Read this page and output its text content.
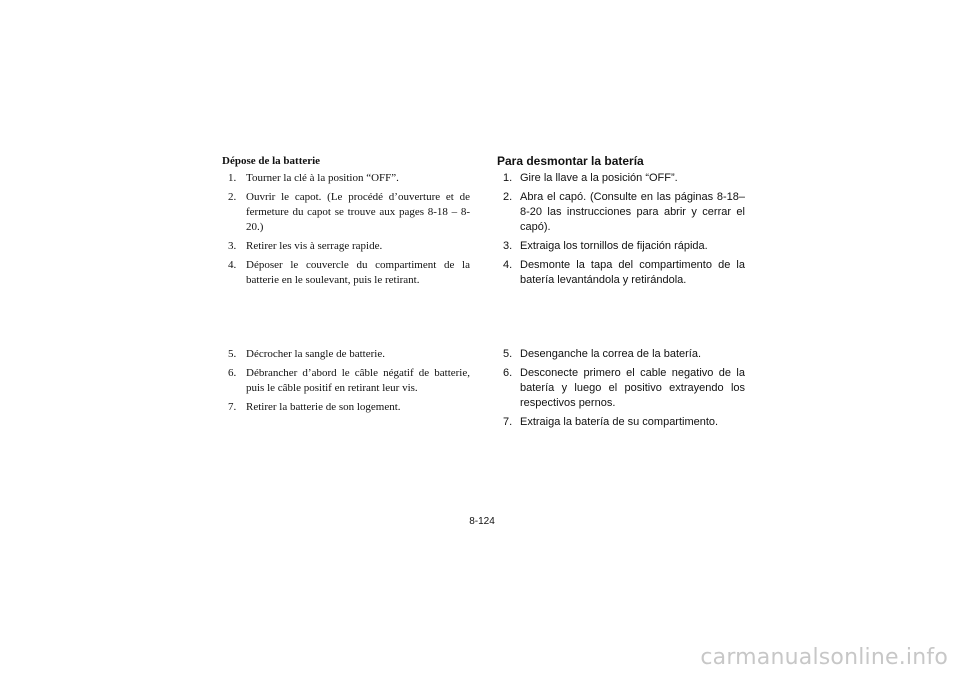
Dépose de la batterie
1. Tourner la clé à la position “OFF”.
2. Ouvrir le capot. (Le procédé d’ouverture et de fermeture du capot se trouve aux pages 8-18 – 8-20.)
3. Retirer les vis à serrage rapide.
4. Déposer le couvercle du compartiment de la batterie en le soulevant, puis le retirant.
5. Décrocher la sangle de batterie.
6. Débrancher d’abord le câble négatif de batterie, puis le câble positif en retirant leur vis.
7. Retirer la batterie de son logement.
Para desmontar la batería
1. Gire la llave a la posición “OFF”.
2. Abra el capó. (Consulte en las páginas 8-18– 8-20 las instrucciones para abrir y cerrar el capó).
3. Extraiga los tornillos de fijación rápida.
4. Desmonte la tapa del compartimento de la batería levantándola y retirándola.
5. Desenganche la correa de la batería.
6. Desconecte primero el cable negativo de la batería y luego el positivo extrayendo los respectivos pernos.
7. Extraiga la batería de su compartimento.
8-124
carmanualsonline.info
